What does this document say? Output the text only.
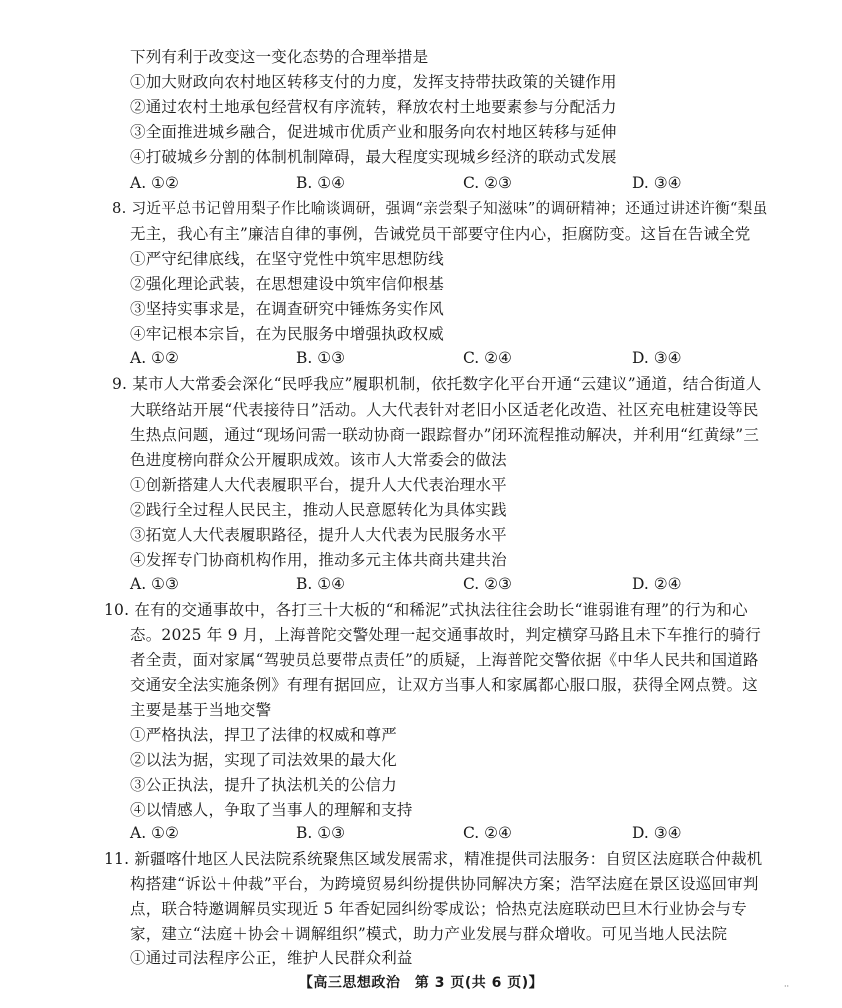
下列有利于改变这一变化态势的合理举措是
①加大财政向农村地区转移支付的力度，发挥支持带扶政策的关键作用
②通过农村土地承包经营权有序流转，释放农村土地要素参与分配活力
③全面推进城乡融合，促进城市优质产业和服务向农村地区转移与延伸
④打破城乡分割的体制机制障碍，最大程度实现城乡经济的联动式发展
A. ①②	B. ①④	C. ②③	D. ③④
8. 习近平总书记曾用梨子作比喻谈调研，强调“亲尝梨子知滋味”的调研精神；还通过讲述许衡“梨虽
无主，我心有主”廉洁自律的事例，告诫党员干部要守住内心，拒腐防变。这旨在告诫全党
①严守纪律底线，在坚守党性中筑牢思想防线
②强化理论武装，在思想建设中筑牢信仰根基
③坚持实事求是，在调查研究中锤炼务实作风
④牢记根本宗旨，在为民服务中增强执政权威
A. ①②	B. ①③	C. ②④	D. ③④
9. 某市人大常委会深化“民呼我应”履职机制，依托数字化平台开通“云建议”通道，结合街道人
大联络站开展“代表接待日”活动。人大代表针对老旧小区适老化改造、社区充电桩建设等民
生热点问题，通过“现场问需一联动协商一跟踪督办”闭环流程推动解决，并利用“红黄绿”三
色进度榜向群众公开履职成效。该市人大常委会的做法
①创新搭建人大代表履职平台，提升人大代表治理水平
②践行全过程人民民主，推动人民意愿转化为具体实践
③拓宽人大代表履职路径，提升人大代表为民服务水平
④发挥专门协商机构作用，推动多元主体共商共建共治
A. ①③	B. ①④	C. ②③	D. ②④
10. 在有的交通事故中，各打三十大板的“和稀泥”式执法往往会助长“谁弱谁有理”的行为和心
态。2025 年 9 月，上海普陀交警处理一起交通事故时，判定横穿马路且未下车推行的骑行
者全责，面对家属“驾驶员总要带点责任”的质疑，上海普陀交警依据《中华人民共和国道路
交通安全法实施条例》有理有据回应，让双方当事人和家属都心服口服，获得全网点赞。这
主要是基于当地交警
①严格执法，捍卫了法律的权威和尊严
②以法为据，实现了司法效果的最大化
③公正执法，提升了执法机关的公信力
④以情感人，争取了当事人的理解和支持
A. ①②	B. ①③	C. ②④	D. ③④
11. 新疆喀什地区人民法院系统聚焦区域发展需求，精准提供司法服务：自贸区法庭联合仲裁机
构搭建“诉讼＋仲裁”平台，为跨境贸易纠纷提供协同解决方案；浩罕法庭在景区设巡回审判
点，联合特邀调解员实现近 5 年香妃园纠纷零成讼；恰热克法庭联动巴旦木行业协会与专
家，建立“法庭＋协会＋调解组织”模式，助力产业发展与群众增收。可见当地人民法院
①通过司法程序公正，维护人民群众利益
【高三思想政治　第 3 页(共 6 页)】	··
